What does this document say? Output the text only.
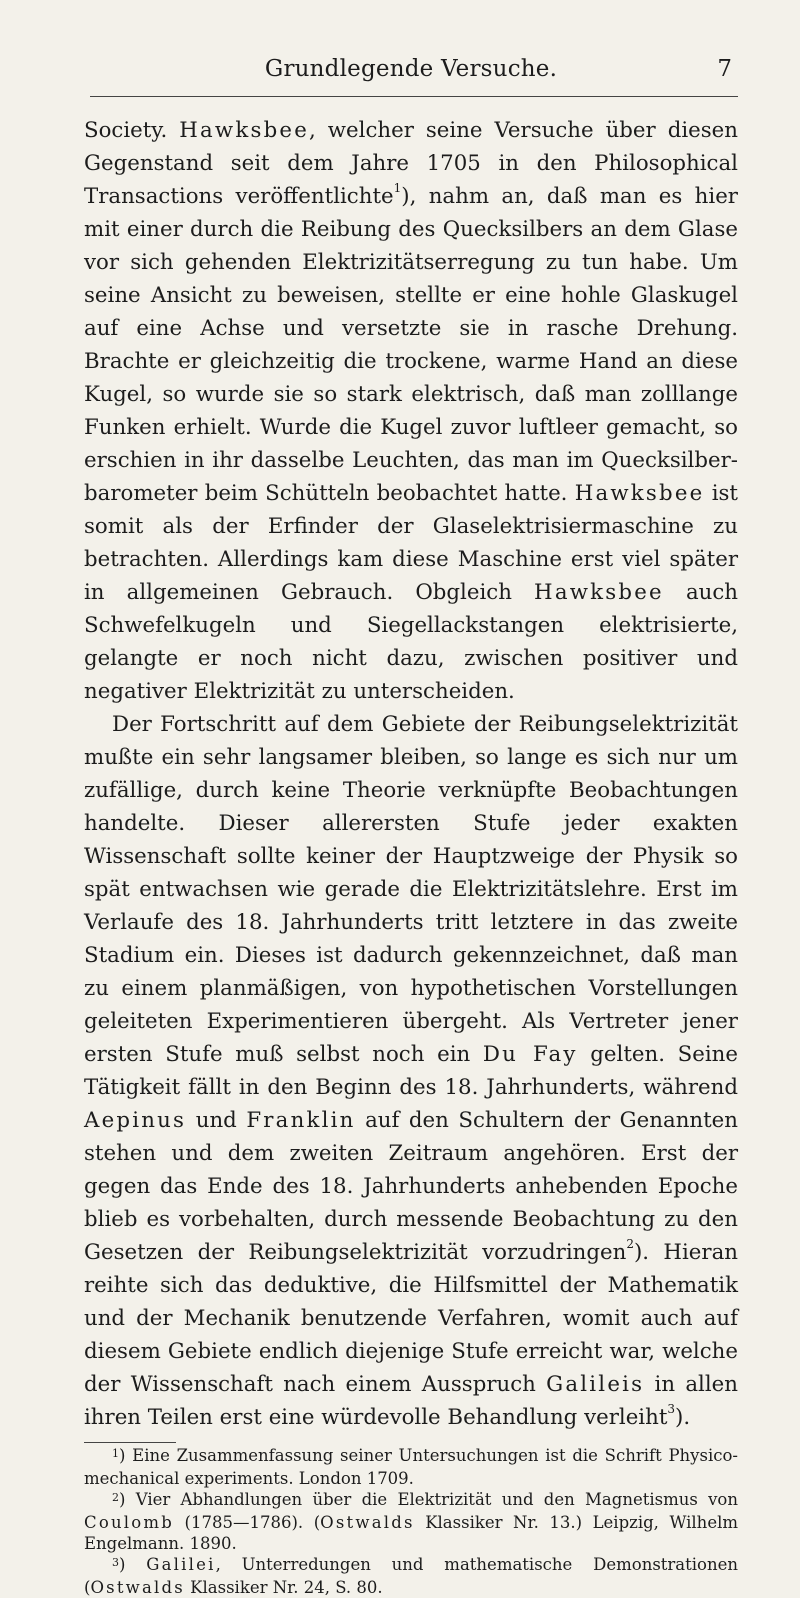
Grundlegende Versuche.	7

Society. Hawksbee, welcher seine Versuche über diesen Gegenstand seit dem Jahre 1705 in den Philosophical Transactions veröffentlichte$^1$), nahm an, daß man es hier mit einer durch die Reibung des Quecksilbers an dem Glase vor sich gehenden Elektrizitätserregung zu tun habe. Um seine Ansicht zu beweisen, stellte er eine hohle Glaskugel auf eine Achse und versetzte sie in rasche Drehung. Brachte er gleichzeitig die trockene, warme Hand an diese Kugel, so wurde sie so stark elektrisch, daß man zolllange Funken erhielt. Wurde die Kugel zuvor luftleer gemacht, so erschien in ihr dasselbe Leuchten, das man im Quecksilberbarometer beim Schütteln beobachtet hatte. Hawksbee ist somit als der Erfinder der Glaselektrisiermaschine zu betrachten. Allerdings kam diese Maschine erst viel später in allgemeinen Gebrauch. Obgleich Hawksbee auch Schwefelkugeln und Siegellackstangen elektrisierte, gelangte er noch nicht dazu, zwischen positiver und negativer Elektrizität zu unterscheiden.

Der Fortschritt auf dem Gebiete der Reibungselektrizität mußte ein sehr langsamer bleiben, so lange es sich nur um zufällige, durch keine Theorie verknüpfte Beobachtungen handelte. Dieser allerersten Stufe jeder exakten Wissenschaft sollte keiner der Hauptzweige der Physik so spät entwachsen wie gerade die Elektrizitätslehre. Erst im Verlaufe des 18. Jahrhunderts tritt letztere in das zweite Stadium ein. Dieses ist dadurch gekennzeichnet, daß man zu einem planmäßigen, von hypothetischen Vorstellungen geleiteten Experimentieren übergeht. Als Vertreter jener ersten Stufe muß selbst noch ein Du Fay gelten. Seine Tätigkeit fällt in den Beginn des 18. Jahrhunderts, während Aepinus und Franklin auf den Schultern der Genannten stehen und dem zweiten Zeitraum angehören. Erst der gegen das Ende des 18. Jahrhunderts anhebenden Epoche blieb es vorbehalten, durch messende Beobachtung zu den Gesetzen der Reibungselektrizität vorzudringen$^2$). Hieran reihte sich das deduktive, die Hilfsmittel der Mathematik und der Mechanik benutzende Verfahren, womit auch auf diesem Gebiete endlich diejenige Stufe erreicht war, welche der Wissenschaft nach einem Ausspruch Galileis in allen ihren Teilen erst eine würdevolle Behandlung verleiht$^3$).

$^1$) Eine Zusammenfassung seiner Untersuchungen ist die Schrift Physico-mechanical experiments. London 1709.

$^2$) Vier Abhandlungen über die Elektrizität und den Magnetismus von Coulomb (1785—1786). (Ostwalds Klassiker Nr. 13.) Leipzig, Wilhelm Engelmann. 1890.

$^3$) Galilei, Unterredungen und mathematische Demonstrationen (Ostwalds Klassiker Nr. 24, S. 80.
